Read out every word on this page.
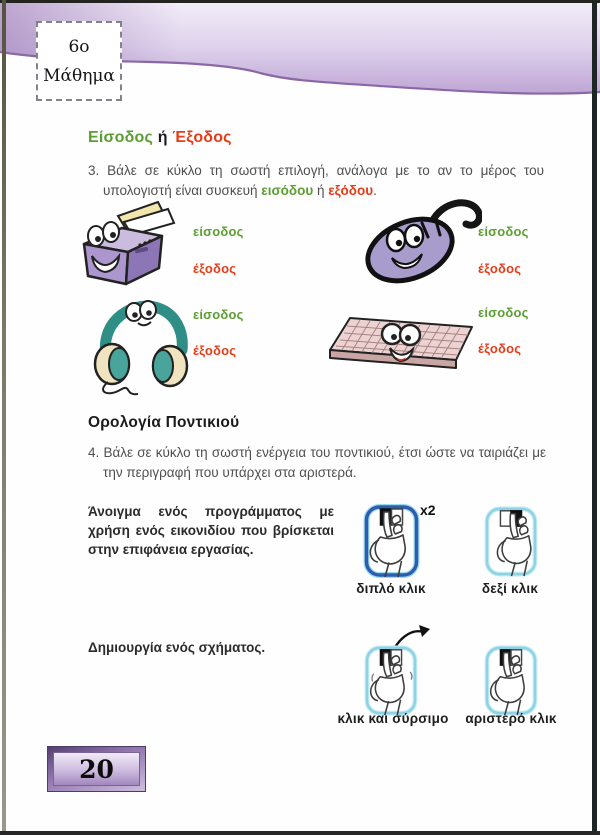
6ο
Μάθημα
Είσοδος ή Έξοδος

3. Βάλε σε κύκλο τη σωστή επιλογή, ανάλογα με το αν το μέρος του υπολογιστή είναι συσκευή εισόδου ή εξόδου.

είσοδος
έξοδος
είσοδος
έξοδος
είσοδος
έξοδος
είσοδος
έξοδος
Ορολογία Ποντικιού

4. Βάλε σε κύκλο τη σωστή ενέργεια του ποντικιού, έτσι ώστε να ταιριάζει με την περιγραφή που υπάρχει στα αριστερά.

Άνοιγμα ενός προγράμματος με χρήση ενός εικονιδίου που βρίσκεται στην επιφάνεια εργασίας.

x2
διπλό κλικ	δεξί κλικ

Δημιουργία ενός σχήματος.

κλικ και σύρσιμο	αριστερό κλικ
20
